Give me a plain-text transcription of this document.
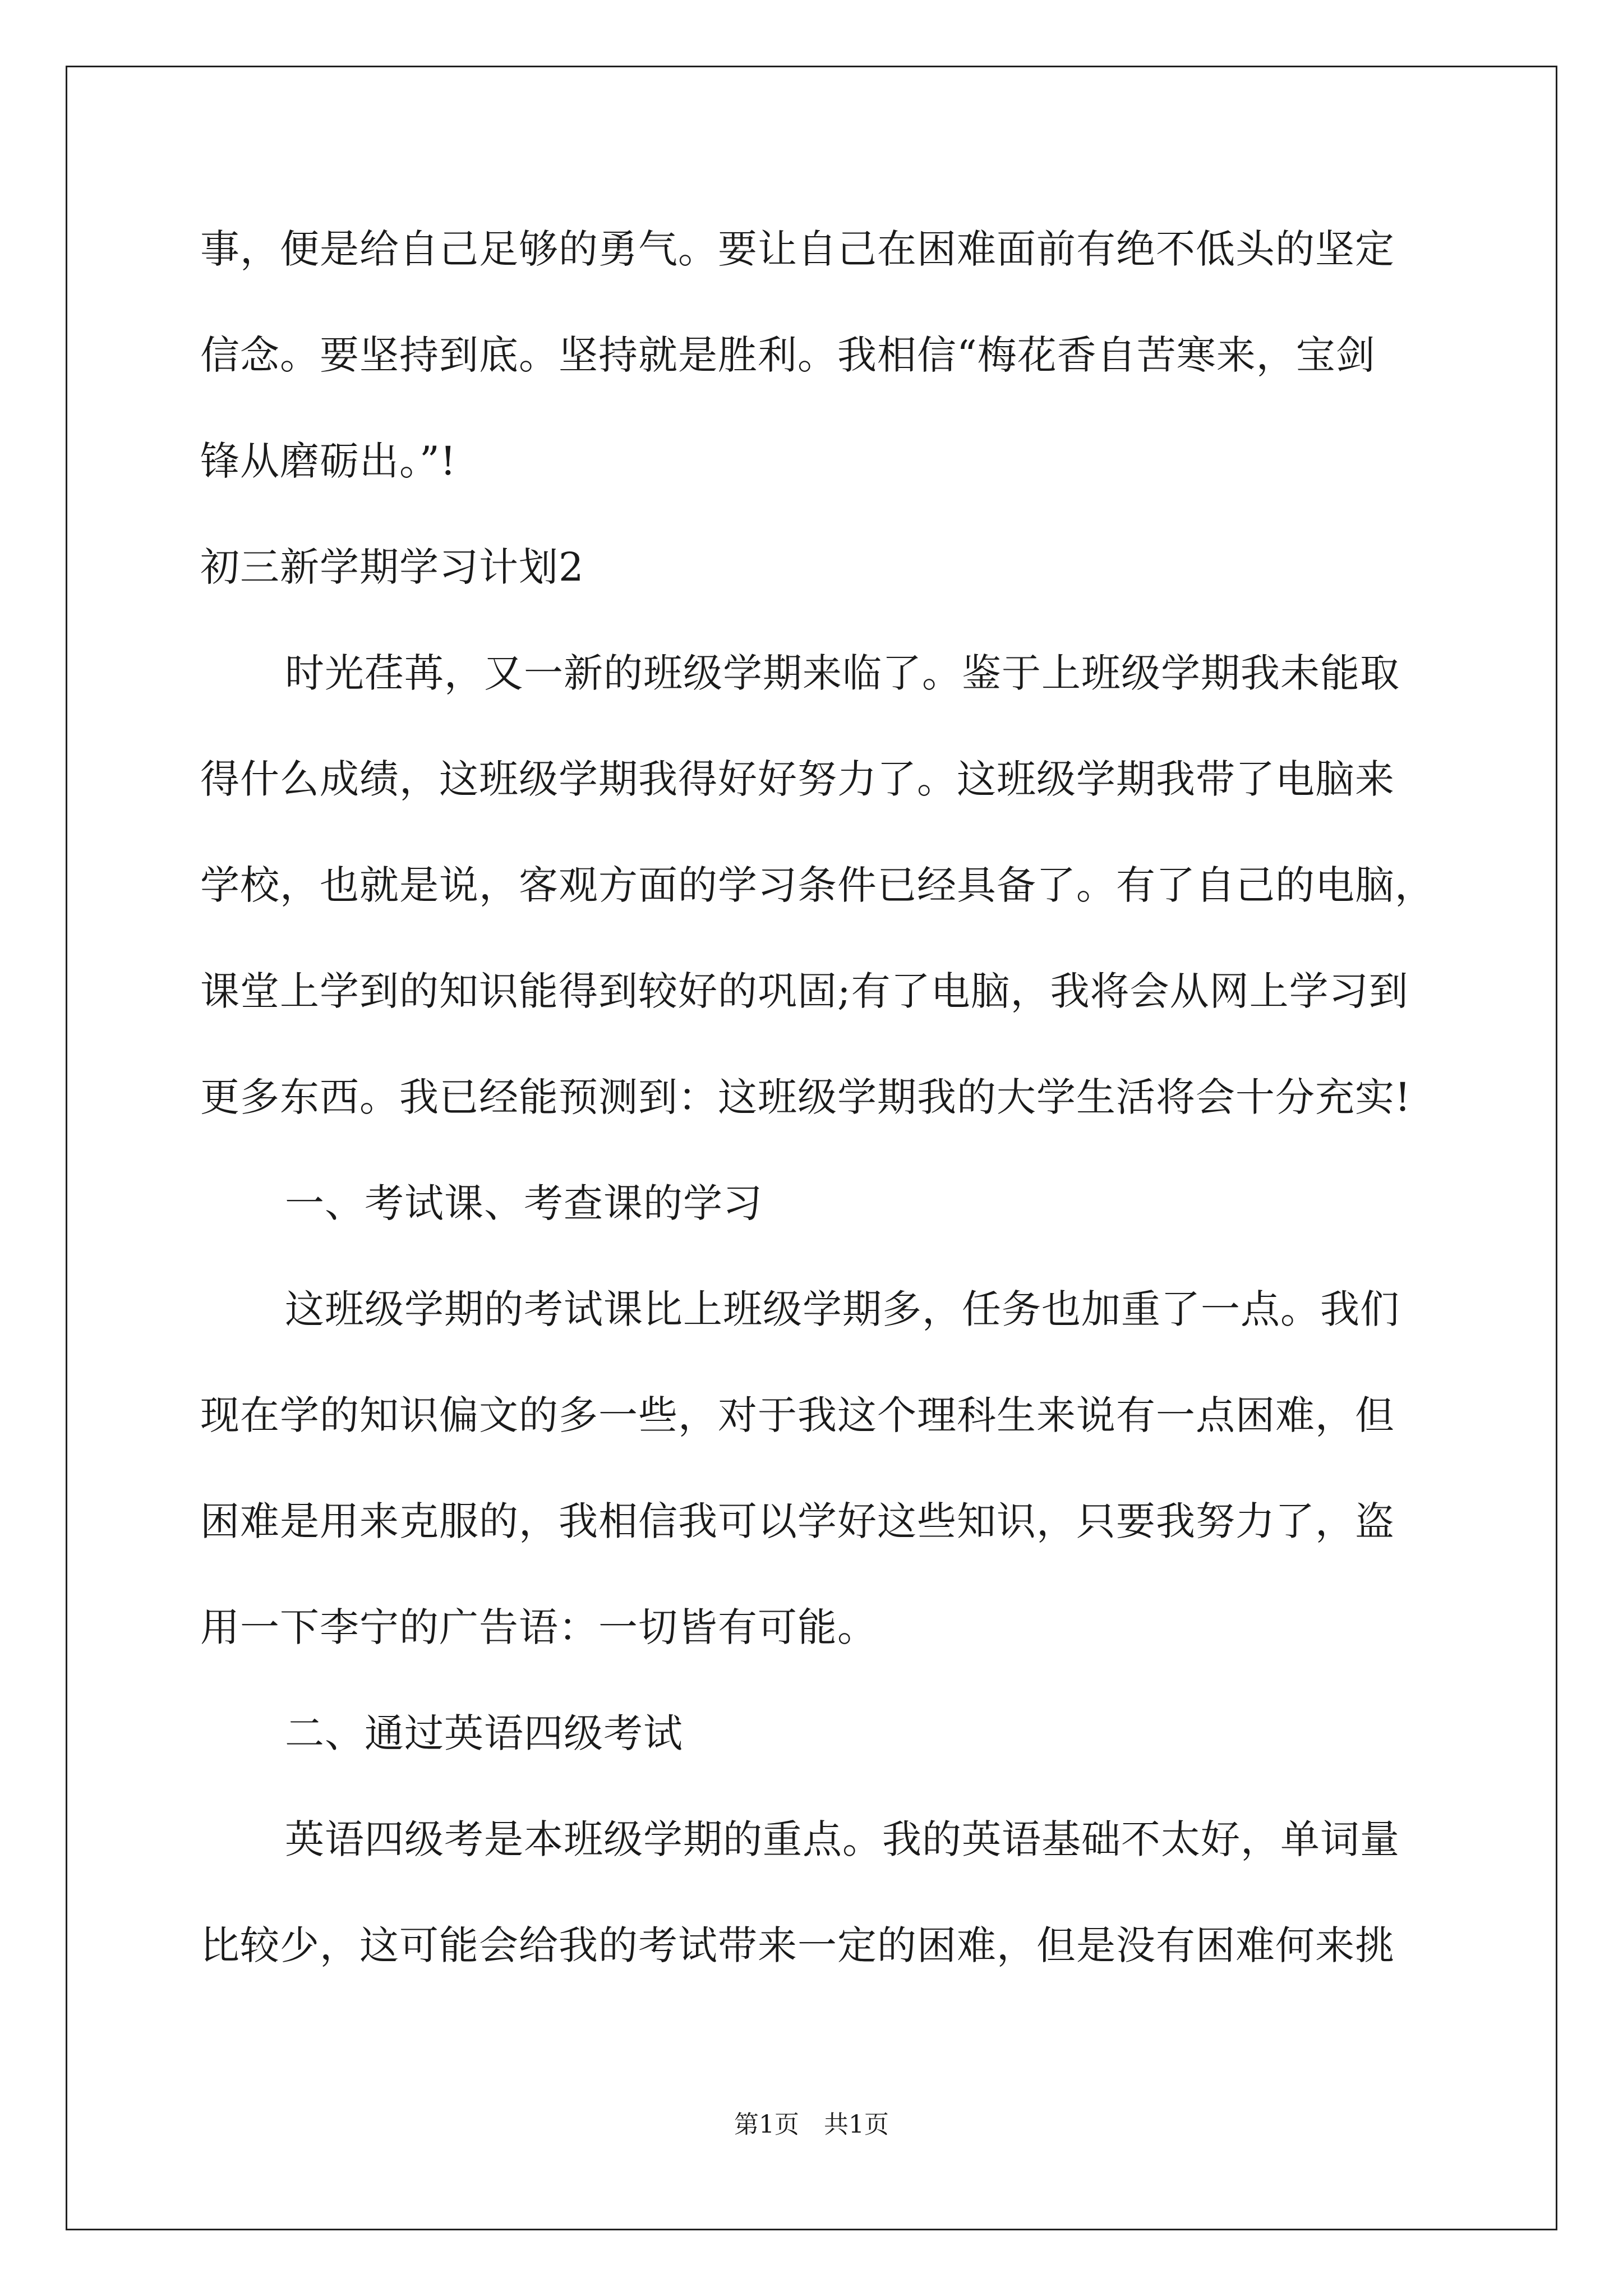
事，便是给自己足够的勇气。要让自己在困难面前有绝不低头的坚定
信念。要坚持到底。坚持就是胜利。我相信“梅花香自苦寒来，宝剑
锋从磨砺出。”!
初三新学期学习计划2
时光荏苒，又一新的班级学期来临了。鉴于上班级学期我未能取
得什么成绩，这班级学期我得好好努力了。这班级学期我带了电脑来
学校，也就是说，客观方面的学习条件已经具备了。有了自己的电脑，
课堂上学到的知识能得到较好的巩固;有了电脑，我将会从网上学习到
更多东西。我已经能预测到：这班级学期我的大学生活将会十分充实!
一、考试课、考查课的学习
这班级学期的考试课比上班级学期多，任务也加重了一点。我们
现在学的知识偏文的多一些，对于我这个理科生来说有一点困难，但
困难是用来克服的，我相信我可以学好这些知识，只要我努力了，盗
用一下李宁的广告语：一切皆有可能。
二、通过英语四级考试
英语四级考是本班级学期的重点。我的英语基础不太好，单词量
比较少，这可能会给我的考试带来一定的困难，但是没有困难何来挑
第1页　共1页
